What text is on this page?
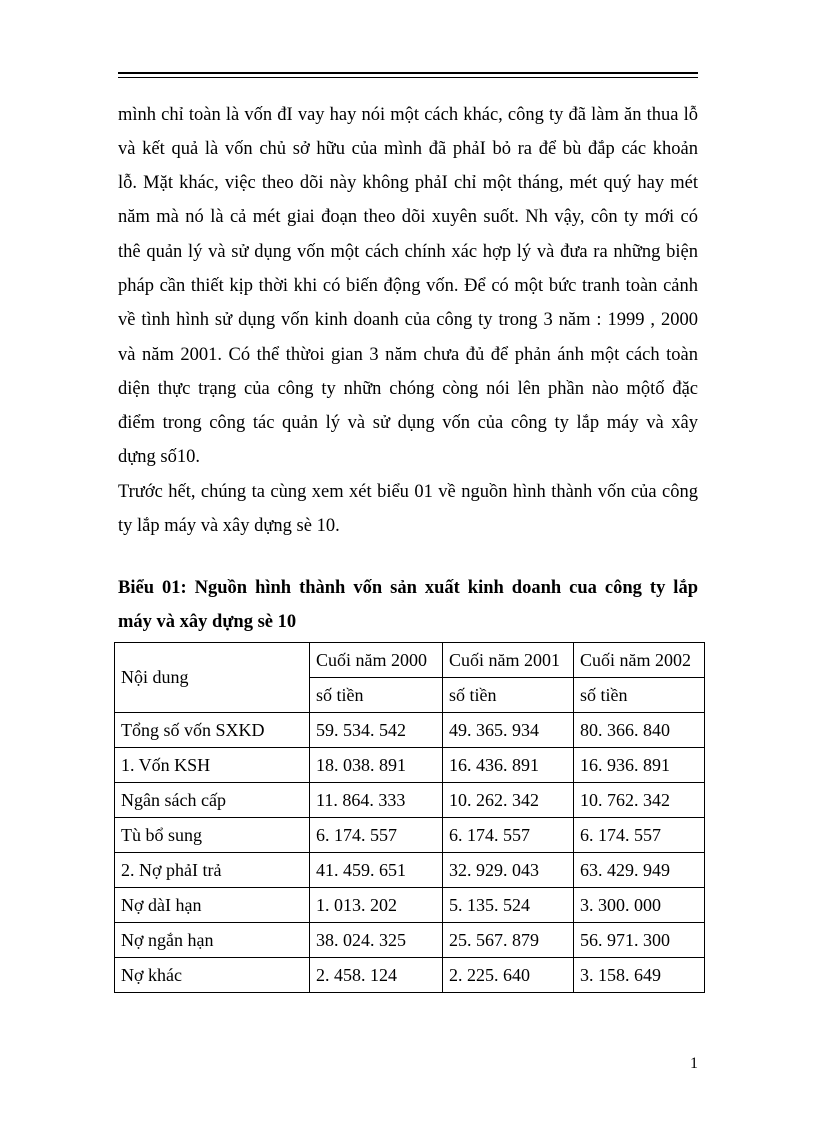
mình chỉ toàn là vốn đI vay hay nói một cách khác, công ty đã làm ăn thua lỗ
và kết quả là vốn chủ sở hữu của mình đã phảI bỏ ra để bù đắp các khoản
lỗ. Mặt khác, việc theo dõi này không phảI chỉ một tháng, mét quý hay mét
năm mà nó là cả mét giai đoạn theo dõi xuyên suốt. Nh vậy, côn ty mới có
thê quản lý và sử dụng vốn một cách chính xác hợp lý và đưa ra những biện
pháp cần thiết kịp thời khi có biến động vốn. Để có một bức tranh toàn cảnh
về tình hình sử dụng vốn kinh doanh của công ty trong 3 năm : 1999 , 2000
và năm 2001. Có thể thừoi gian 3 năm chưa đủ để phản ánh một cách toàn
diện thực trạng của công ty nhữn chóng còng nói lên phần nào mộtố đặc
điểm trong công tác quản lý và sử dụng vốn của công ty lắp máy và xây
dựng số10.
Trước hết, chúng ta cùng xem xét biểu 01 về nguồn hình thành vốn của công
ty lắp máy và xây dựng sè 10.
Biểu 01: Nguồn hình thành vốn sản xuất kinh doanh cua công ty lắp
máy và xây dựng sè 10
Nội dung	Cuối năm 2000	Cuối năm 2001	Cuối năm 2002
	số tiền	số tiền	số tiền
Tổng số vốn SXKD	59. 534. 542	49. 365. 934	80. 366. 840
1. Vốn KSH	18. 038. 891	16. 436. 891	16. 936. 891
Ngân sách cấp	11. 864. 333	10. 262. 342	10. 762. 342
Tù bổ sung	6. 174. 557	6. 174. 557	6. 174. 557
2. Nợ phảI trả	41. 459. 651	32. 929. 043	63. 429. 949
Nợ dàI hạn	1. 013. 202	5. 135. 524	3. 300. 000
Nợ ngắn hạn	38. 024. 325	25. 567. 879	56. 971. 300
Nợ khác	2. 458. 124	2. 225. 640	3. 158. 649
1
